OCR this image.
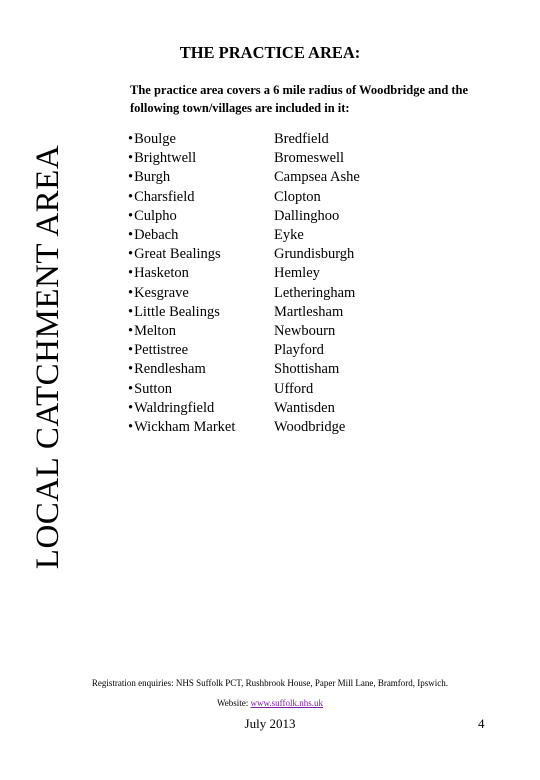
LOCAL CATCHMENT AREA
THE PRACTICE AREA:
The practice area covers a 6 mile radius of Woodbridge and the following town/villages are included in it:
•Boulge
•Brightwell
•Burgh
•Charsfield
•Culpho
•Debach
•Great Bealings
•Hasketon
•Kesgrave
•Little Bealings
•Melton
•Pettistree
•Rendlesham
•Sutton
•Waldringfield
•Wickham Market
Bredfield
Bromeswell
Campsea Ashe
Clopton
Dallinghoo
Eyke
Grundisburgh
Hemley
Letheringham
Martlesham
Newbourn
Playford
Shottisham
Ufford
Wantisden
Woodbridge
Registration enquiries: NHS Suffolk PCT, Rushbrook House, Paper Mill Lane, Bramford, Ipswich.
Website: www.suffolk.nhs.uk
July 2013	4
